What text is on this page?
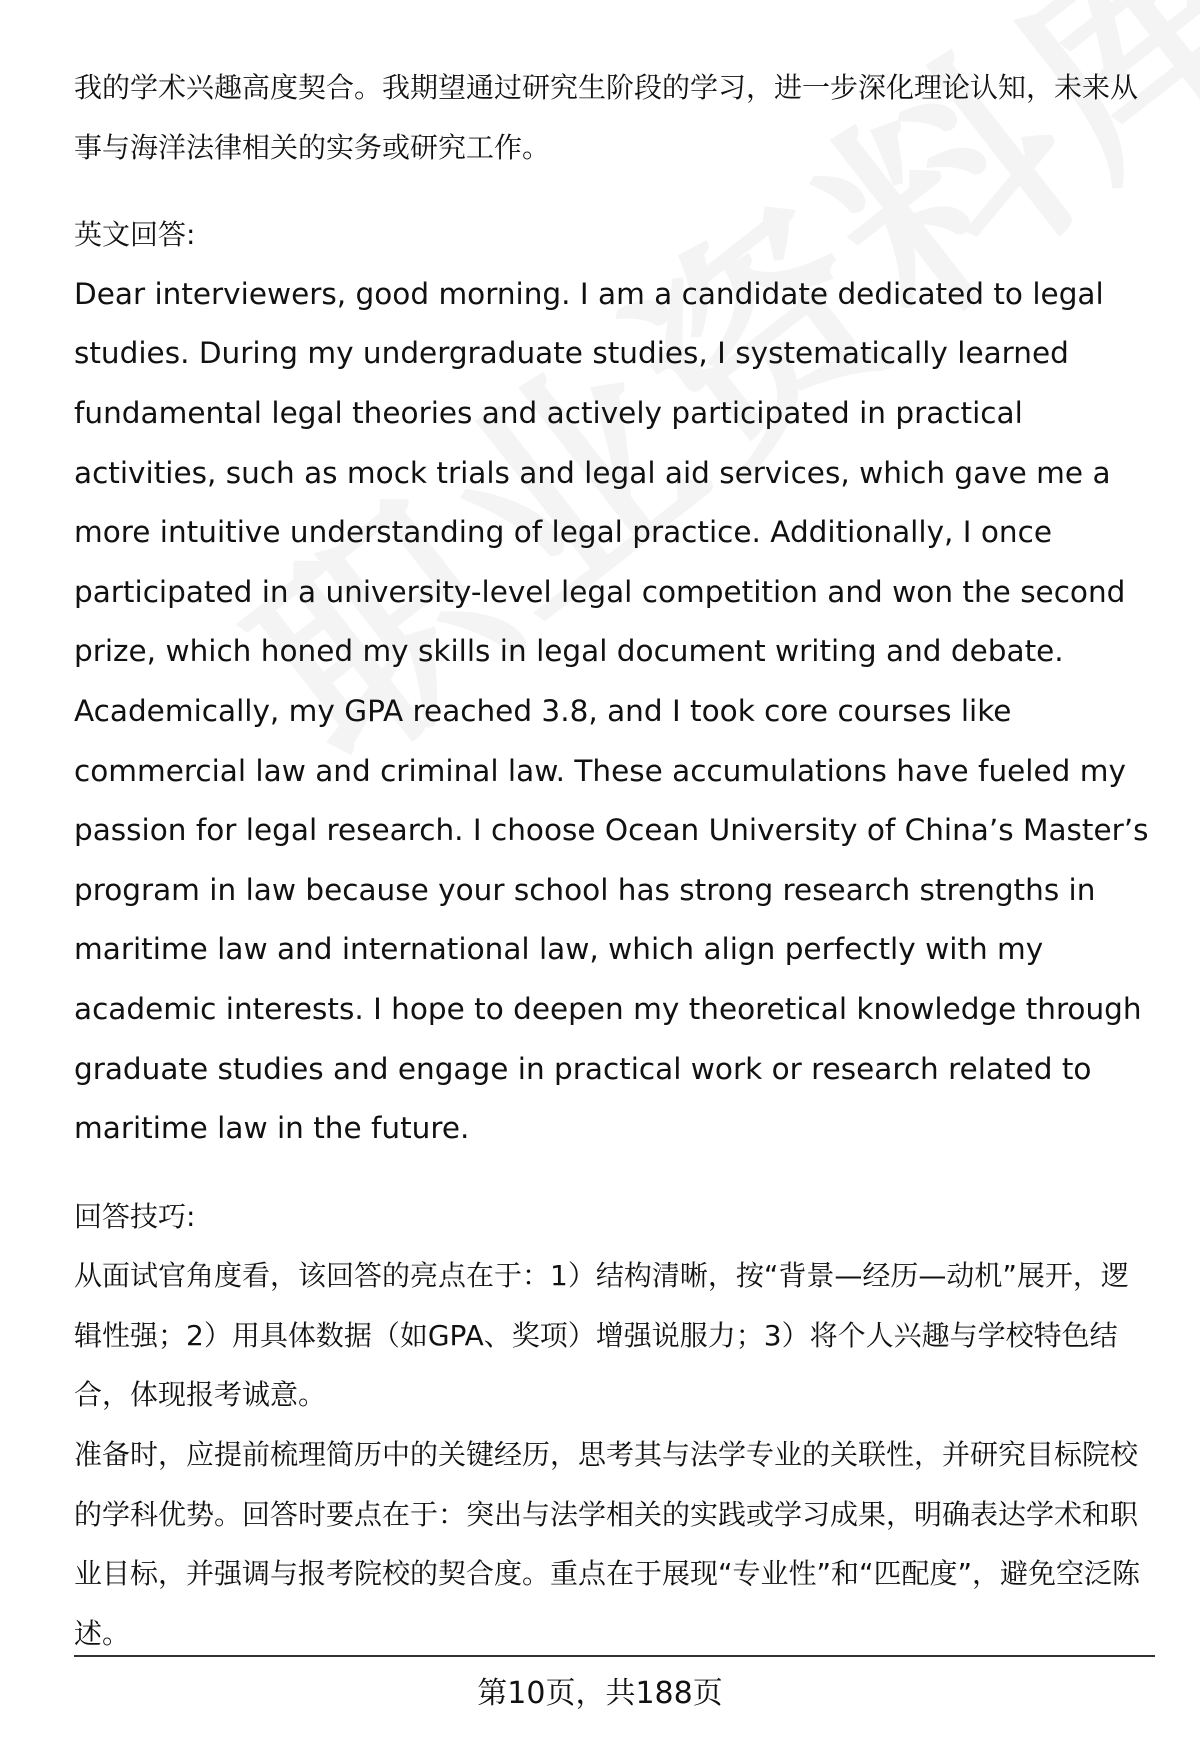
我的学术兴趣高度契合。我期望通过研究生阶段的学习，进一步深化理论认知，未来从事与海洋法律相关的实务或研究工作。

英文回答:

Dear interviewers, good morning. I am a candidate dedicated to legal studies. During my undergraduate studies, I systematically learned fundamental legal theories and actively participated in practical activities, such as mock trials and legal aid services, which gave me a more intuitive understanding of legal practice. Additionally, I once participated in a university-level legal competition and won the second prize, which honed my skills in legal document writing and debate. Academically, my GPA reached 3.8, and I took core courses like commercial law and criminal law. These accumulations have fueled my passion for legal research. I choose Ocean University of China’s Master’s program in law because your school has strong research strengths in maritime law and international law, which align perfectly with my academic interests. I hope to deepen my theoretical knowledge through graduate studies and engage in practical work or research related to maritime law in the future.

回答技巧:

从面试官角度看，该回答的亮点在于：1）结构清晰，按“背景—经历—动机”展开，逻辑性强；2）用具体数据（如GPA、奖项）增强说服力；3）将个人兴趣与学校特色结合，体现报考诚意。

准备时，应提前梳理简历中的关键经历，思考其与法学专业的关联性，并研究目标院校的学科优势。回答时要点在于：突出与法学相关的实践或学习成果，明确表达学术和职业目标，并强调与报考院校的契合度。重点在于展现“专业性”和“匹配度”，避免空泛陈述。

第10页，共188页
